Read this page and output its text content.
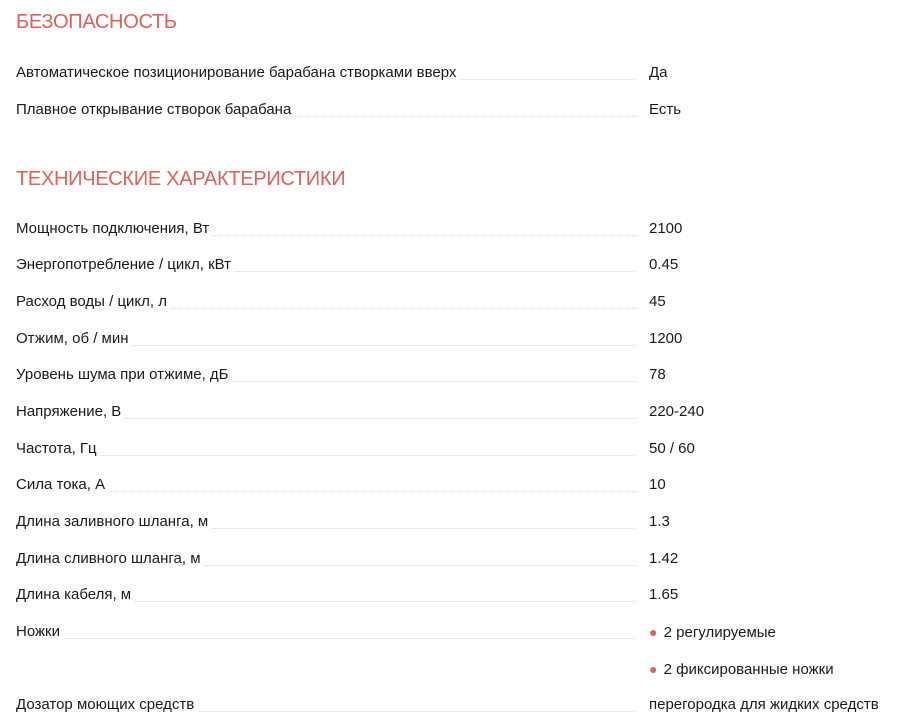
БЕЗОПАСНОСТЬ
Автоматическое позиционирование барабана створками вверх	Да
Плавное открывание створок барабана	Есть
ТЕХНИЧЕСКИЕ ХАРАКТЕРИСТИКИ
Мощность подключения, Вт	2100
Энергопотребление / цикл, кВт	0.45
Расход воды / цикл, л	45
Отжим, об / мин	1200
Уровень шума при отжиме, дБ	78
Напряжение, В	220-240
Частота, Гц	50 / 60
Сила тока, А	10
Длина заливного шланга, м	1.3
Длина сливного шланга, м	1.42
Длина кабеля, м	1.65
Ножки	● 2 регулируемые
● 2 фиксированные ножки
Дозатор моющих средств	перегородка для жидких средств
